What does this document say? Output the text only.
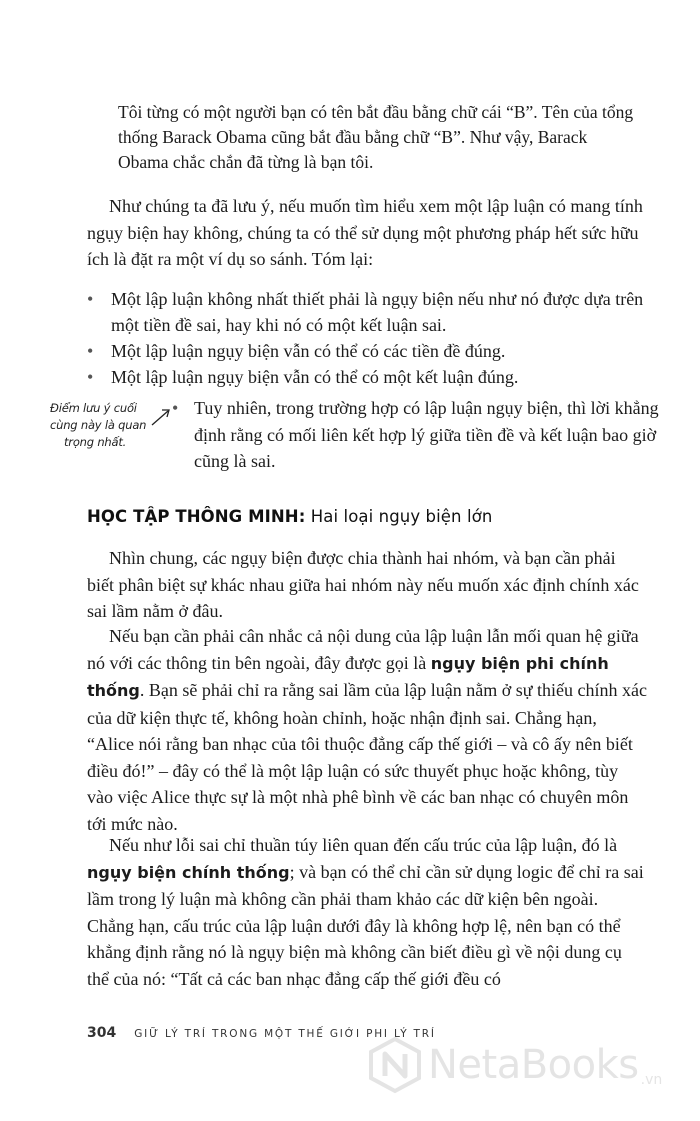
Tôi từng có một người bạn có tên bắt đầu bằng chữ cái “B”. Tên của tổng thống Barack Obama cũng bắt đầu bằng chữ “B”. Như vậy, Barack Obama chắc chắn đã từng là bạn tôi.

Như chúng ta đã lưu ý, nếu muốn tìm hiểu xem một lập luận có mang tính ngụy biện hay không, chúng ta có thể sử dụng một phương pháp hết sức hữu ích là đặt ra một ví dụ so sánh. Tóm lại:

• Một lập luận không nhất thiết phải là ngụy biện nếu như nó được dựa trên một tiền đề sai, hay khi nó có một kết luận sai.
• Một lập luận ngụy biện vẫn có thể có các tiền đề đúng.
• Một lập luận ngụy biện vẫn có thể có một kết luận đúng.
Điểm lưu ý cuối
cùng này là quan
trọng nhất.

• Tuy nhiên, trong trường hợp có lập luận ngụy biện, thì lời khẳng định rằng có mối liên kết hợp lý giữa tiền đề và kết luận bao giờ cũng là sai.

HỌC TẬP THÔNG MINH: Hai loại ngụy biện lớn

Nhìn chung, các ngụy biện được chia thành hai nhóm, và bạn cần phải biết phân biệt sự khác nhau giữa hai nhóm này nếu muốn xác định chính xác sai lầm nằm ở đâu.

Nếu bạn cần phải cân nhắc cả nội dung của lập luận lẫn mối quan hệ giữa nó với các thông tin bên ngoài, đây được gọi là ngụy biện phi chính thống. Bạn sẽ phải chỉ ra rằng sai lầm của lập luận nằm ở sự thiếu chính xác của dữ kiện thực tế, không hoàn chỉnh, hoặc nhận định sai. Chẳng hạn, “Alice nói rằng ban nhạc của tôi thuộc đẳng cấp thế giới – và cô ấy nên biết điều đó!” – đây có thể là một lập luận có sức thuyết phục hoặc không, tùy vào việc Alice thực sự là một nhà phê bình về các ban nhạc có chuyên môn tới mức nào.

Nếu như lỗi sai chỉ thuần túy liên quan đến cấu trúc của lập luận, đó là ngụy biện chính thống; và bạn có thể chỉ cần sử dụng logic để chỉ ra sai lầm trong lý luận mà không cần phải tham khảo các dữ kiện bên ngoài. Chẳng hạn, cấu trúc của lập luận dưới đây là không hợp lệ, nên bạn có thể khẳng định rằng nó là ngụy biện mà không cần biết điều gì về nội dung cụ thể của nó: “Tất cả các ban nhạc đẳng cấp thế giới đều có

304 GIỮ LÝ TRÍ TRONG MỘT THẾ GIỚI PHI LÝ TRÍ
NetaBooks .vn
